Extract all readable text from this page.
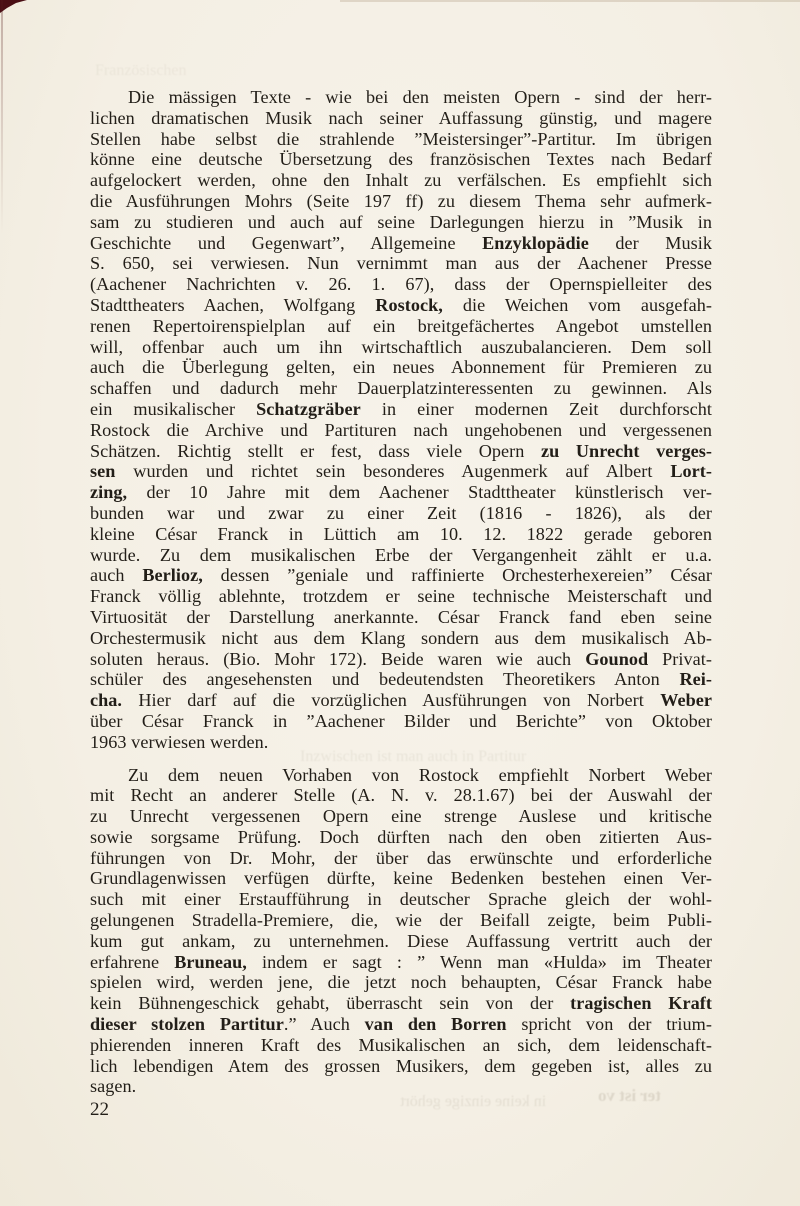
Die mässigen Texte - wie bei den meisten Opern - sind der herr-
lichen dramatischen Musik nach seiner Auffassung günstig, und magere
Stellen habe selbst die strahlende ”Meistersinger”-Partitur. Im übrigen
könne eine deutsche Übersetzung des französischen Textes nach Bedarf
aufgelockert werden, ohne den Inhalt zu verfälschen. Es empfiehlt sich
die Ausführungen Mohrs (Seite 197 ff) zu diesem Thema sehr aufmerk-
sam zu studieren und auch auf seine Darlegungen hierzu in ”Musik in
Geschichte und Gegenwart”, Allgemeine Enzyklopädie der Musik
S. 650, sei verwiesen. Nun vernimmt man aus der Aachener Presse
(Aachener Nachrichten v. 26. 1. 67), dass der Opernspielleiter des
Stadttheaters Aachen, Wolfgang Rostock, die Weichen vom ausgefah-
renen Repertoirenspielplan auf ein breitgefächertes Angebot umstellen
will, offenbar auch um ihn wirtschaftlich auszubalancieren. Dem soll
auch die Überlegung gelten, ein neues Abonnement für Premieren zu
schaffen und dadurch mehr Dauerplatzinteressenten zu gewinnen. Als
ein musikalischer Schatzgräber in einer modernen Zeit durchforscht
Rostock die Archive und Partituren nach ungehobenen und vergessenen
Schätzen. Richtig stellt er fest, dass viele Opern zu Unrecht verges-
sen wurden und richtet sein besonderes Augenmerk auf Albert Lort-
zing, der 10 Jahre mit dem Aachener Stadttheater künstlerisch ver-
bunden war und zwar zu einer Zeit (1816 - 1826), als der
kleine César Franck in Lüttich am 10. 12. 1822 gerade geboren
wurde. Zu dem musikalischen Erbe der Vergangenheit zählt er u.a.
auch Berlioz, dessen ”geniale und raffinierte Orchesterhexereien” César
Franck völlig ablehnte, trotzdem er seine technische Meisterschaft und
Virtuosität der Darstellung anerkannte. César Franck fand eben seine
Orchestermusik nicht aus dem Klang sondern aus dem musikalisch Ab-
soluten heraus. (Bio. Mohr 172). Beide waren wie auch Gounod Privat-
schüler des angesehensten und bedeutendsten Theoretikers Anton Rei-
cha. Hier darf auf die vorzüglichen Ausführungen von Norbert Weber
über César Franck in ”Aachener Bilder und Berichte” von Oktober
1963 verwiesen werden.
Zu dem neuen Vorhaben von Rostock empfiehlt Norbert Weber
mit Recht an anderer Stelle (A. N. v. 28.1.67) bei der Auswahl der
zu Unrecht vergessenen Opern eine strenge Auslese und kritische
sowie sorgsame Prüfung. Doch dürften nach den oben zitierten Aus-
führungen von Dr. Mohr, der über das erwünschte und erforderliche
Grundlagenwissen verfügen dürfte, keine Bedenken bestehen einen Ver-
such mit einer Erstaufführung in deutscher Sprache gleich der wohl-
gelungenen Stradella-Premiere, die, wie der Beifall zeigte, beim Publi-
kum gut ankam, zu unternehmen. Diese Auffassung vertritt auch der
erfahrene Bruneau, indem er sagt : ” Wenn man «Hulda» im Theater
spielen wird, werden jene, die jetzt noch behaupten, César Franck habe
kein Bühnengeschick gehabt, überrascht sein von der tragischen Kraft
dieser stolzen Partitur.” Auch van den Borren spricht von der trium-
phierenden inneren Kraft des Musikalischen an sich, dem leidenschaft-
lich lebendigen Atem des grossen Musikers, dem gegeben ist, alles zu
sagen.
22
Französischen
Inzwischen ist man auch in Partitur
ter ist vo
in keine einzige gehört
